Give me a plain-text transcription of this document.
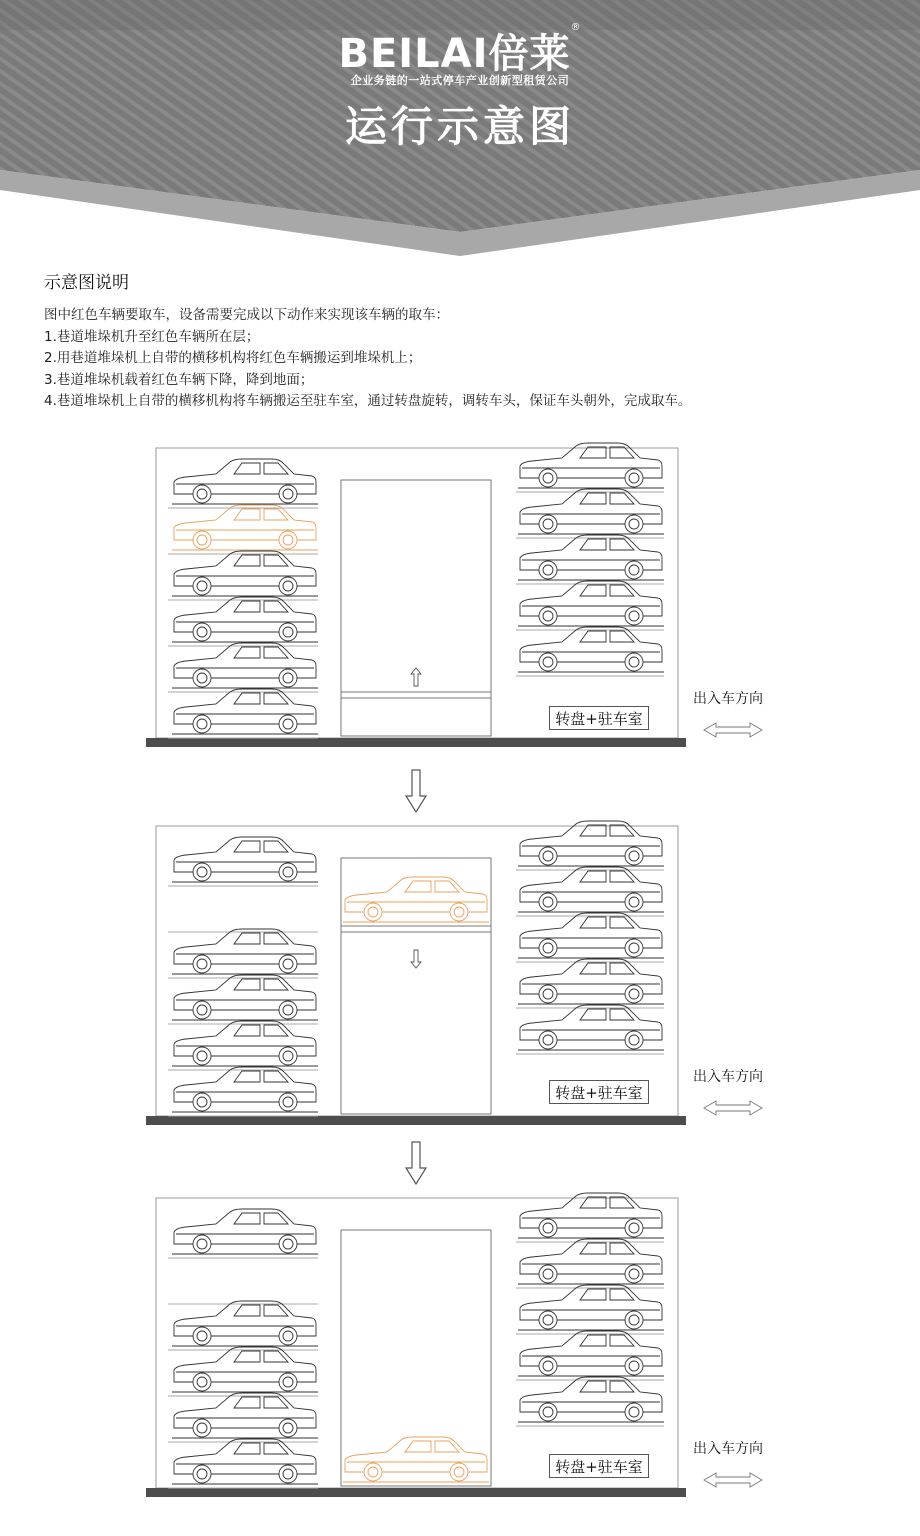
BEILAI倍莱®
企业务链的一站式停车产业创新型租赁公司
运行示意图
示意图说明

图中红色车辆要取车，设备需要完成以下动作来实现该车辆的取车：

1.巷道堆垛机升至红色车辆所在层；

2.用巷道堆垛机上自带的横移机构将红色车辆搬运到堆垛机上；

3.巷道堆垛机载着红色车辆下降，降到地面；

4.巷道堆垛机上自带的横移机构将车辆搬运至驻车室，通过转盘旋转，调转车头，保证车头朝外，完成取车。

转盘+驻车室
出入车方向
转盘+驻车室
出入车方向
转盘+驻车室
出入车方向
